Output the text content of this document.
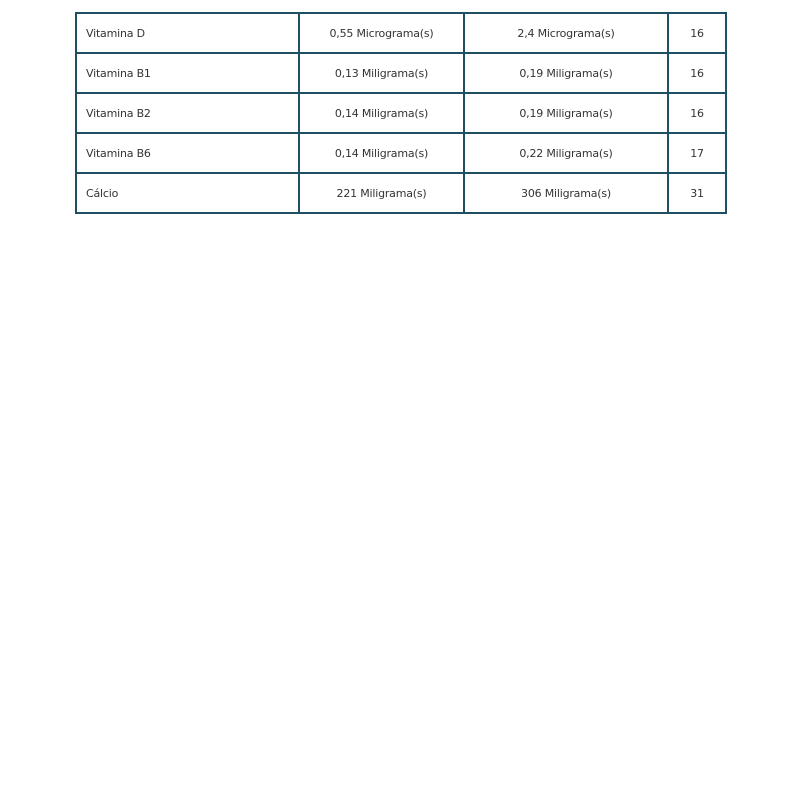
Vitamina D	0,55 Micrograma(s)	2,4 Micrograma(s)	16
Vitamina B1	0,13 Miligrama(s)	0,19 Miligrama(s)	16
Vitamina B2	0,14 Miligrama(s)	0,19 Miligrama(s)	16
Vitamina B6	0,14 Miligrama(s)	0,22 Miligrama(s)	17
Cálcio	221 Miligrama(s)	306 Miligrama(s)	31
